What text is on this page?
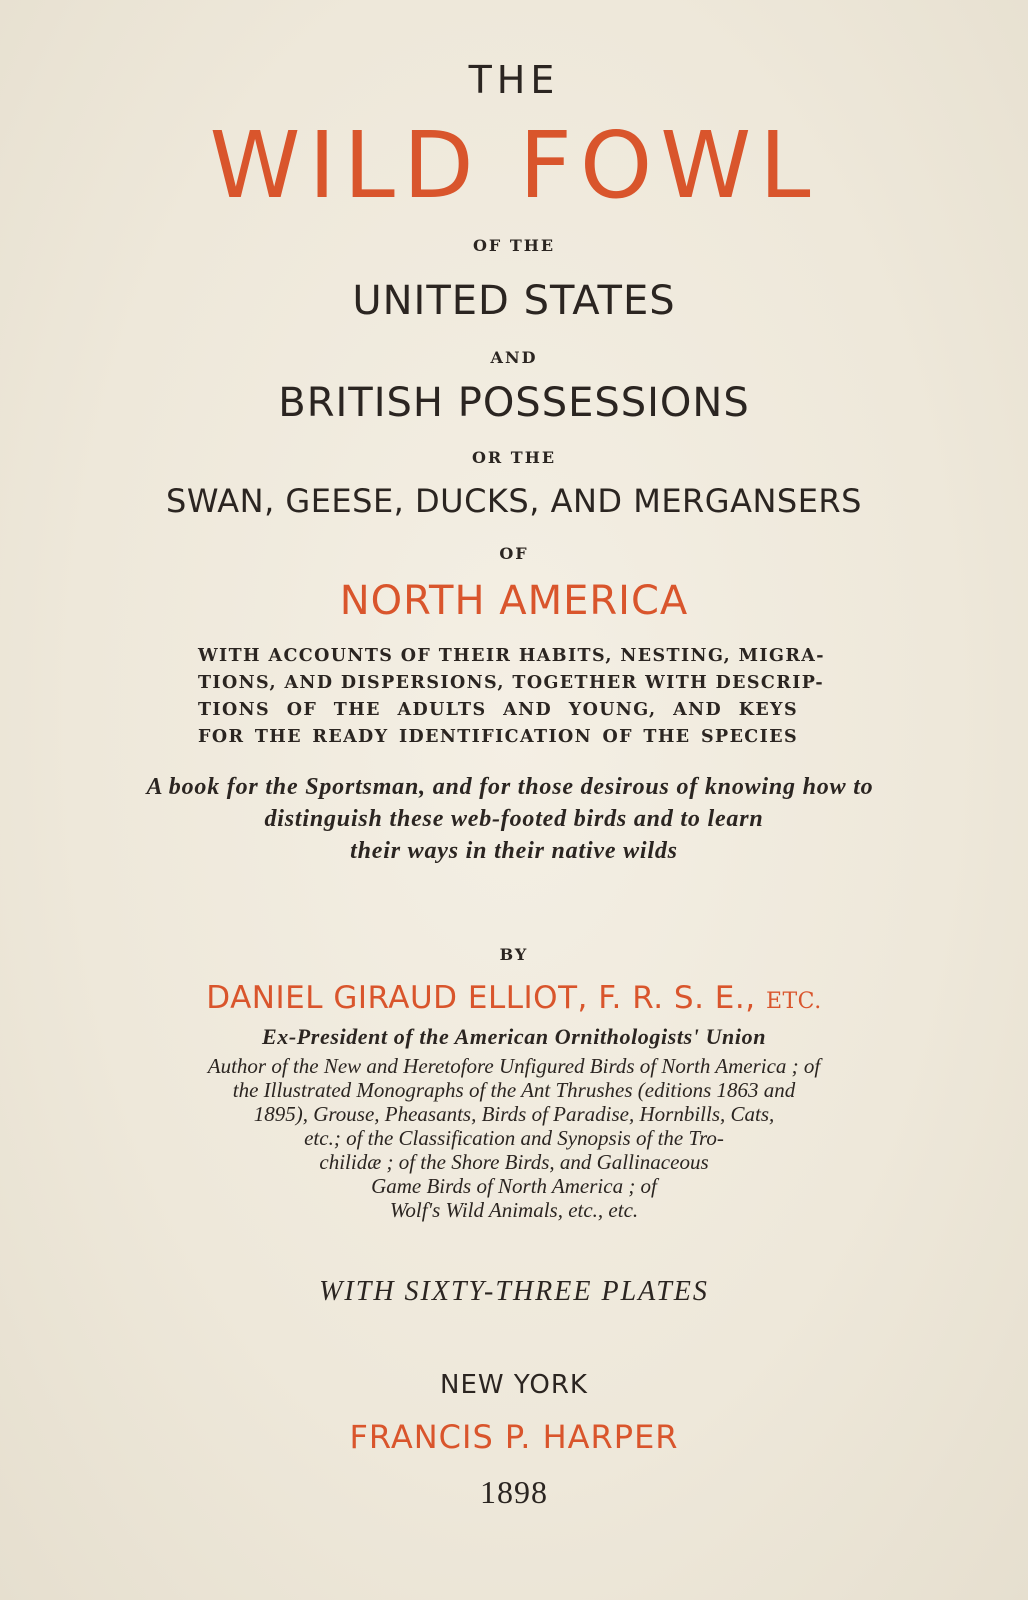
THE
WILD FOWL
OF THE
UNITED STATES
AND
BRITISH POSSESSIONS
OR THE
SWAN, GEESE, DUCKS, AND MERGANSERS
OF
NORTH AMERICA
WITH ACCOUNTS OF THEIR HABITS, NESTING, MIGRA-
TIONS, AND DISPERSIONS, TOGETHER WITH DESCRIP-
TIONS OF THE ADULTS AND YOUNG, AND KEYS
FOR THE READY IDENTIFICATION OF THE SPECIES
A book for the Sportsman, and for those desirous of knowing how to
distinguish these web-footed birds and to learn
their ways in their native wilds
BY
DANIEL GIRAUD ELLIOT, F. R. S. E., ETC.
Ex-President of the American Ornithologists' Union
Author of the New and Heretofore Unfigured Birds of North America ; of
the Illustrated Monographs of the Ant Thrushes (editions 1863 and
1895), Grouse, Pheasants, Birds of Paradise, Hornbills, Cats,
etc.; of the Classification and Synopsis of the Tro-
chilidæ ; of the Shore Birds, and Gallinaceous
Game Birds of North America ; of
Wolf's Wild Animals, etc., etc.
WITH SIXTY-THREE PLATES
NEW YORK
FRANCIS P. HARPER
1898
